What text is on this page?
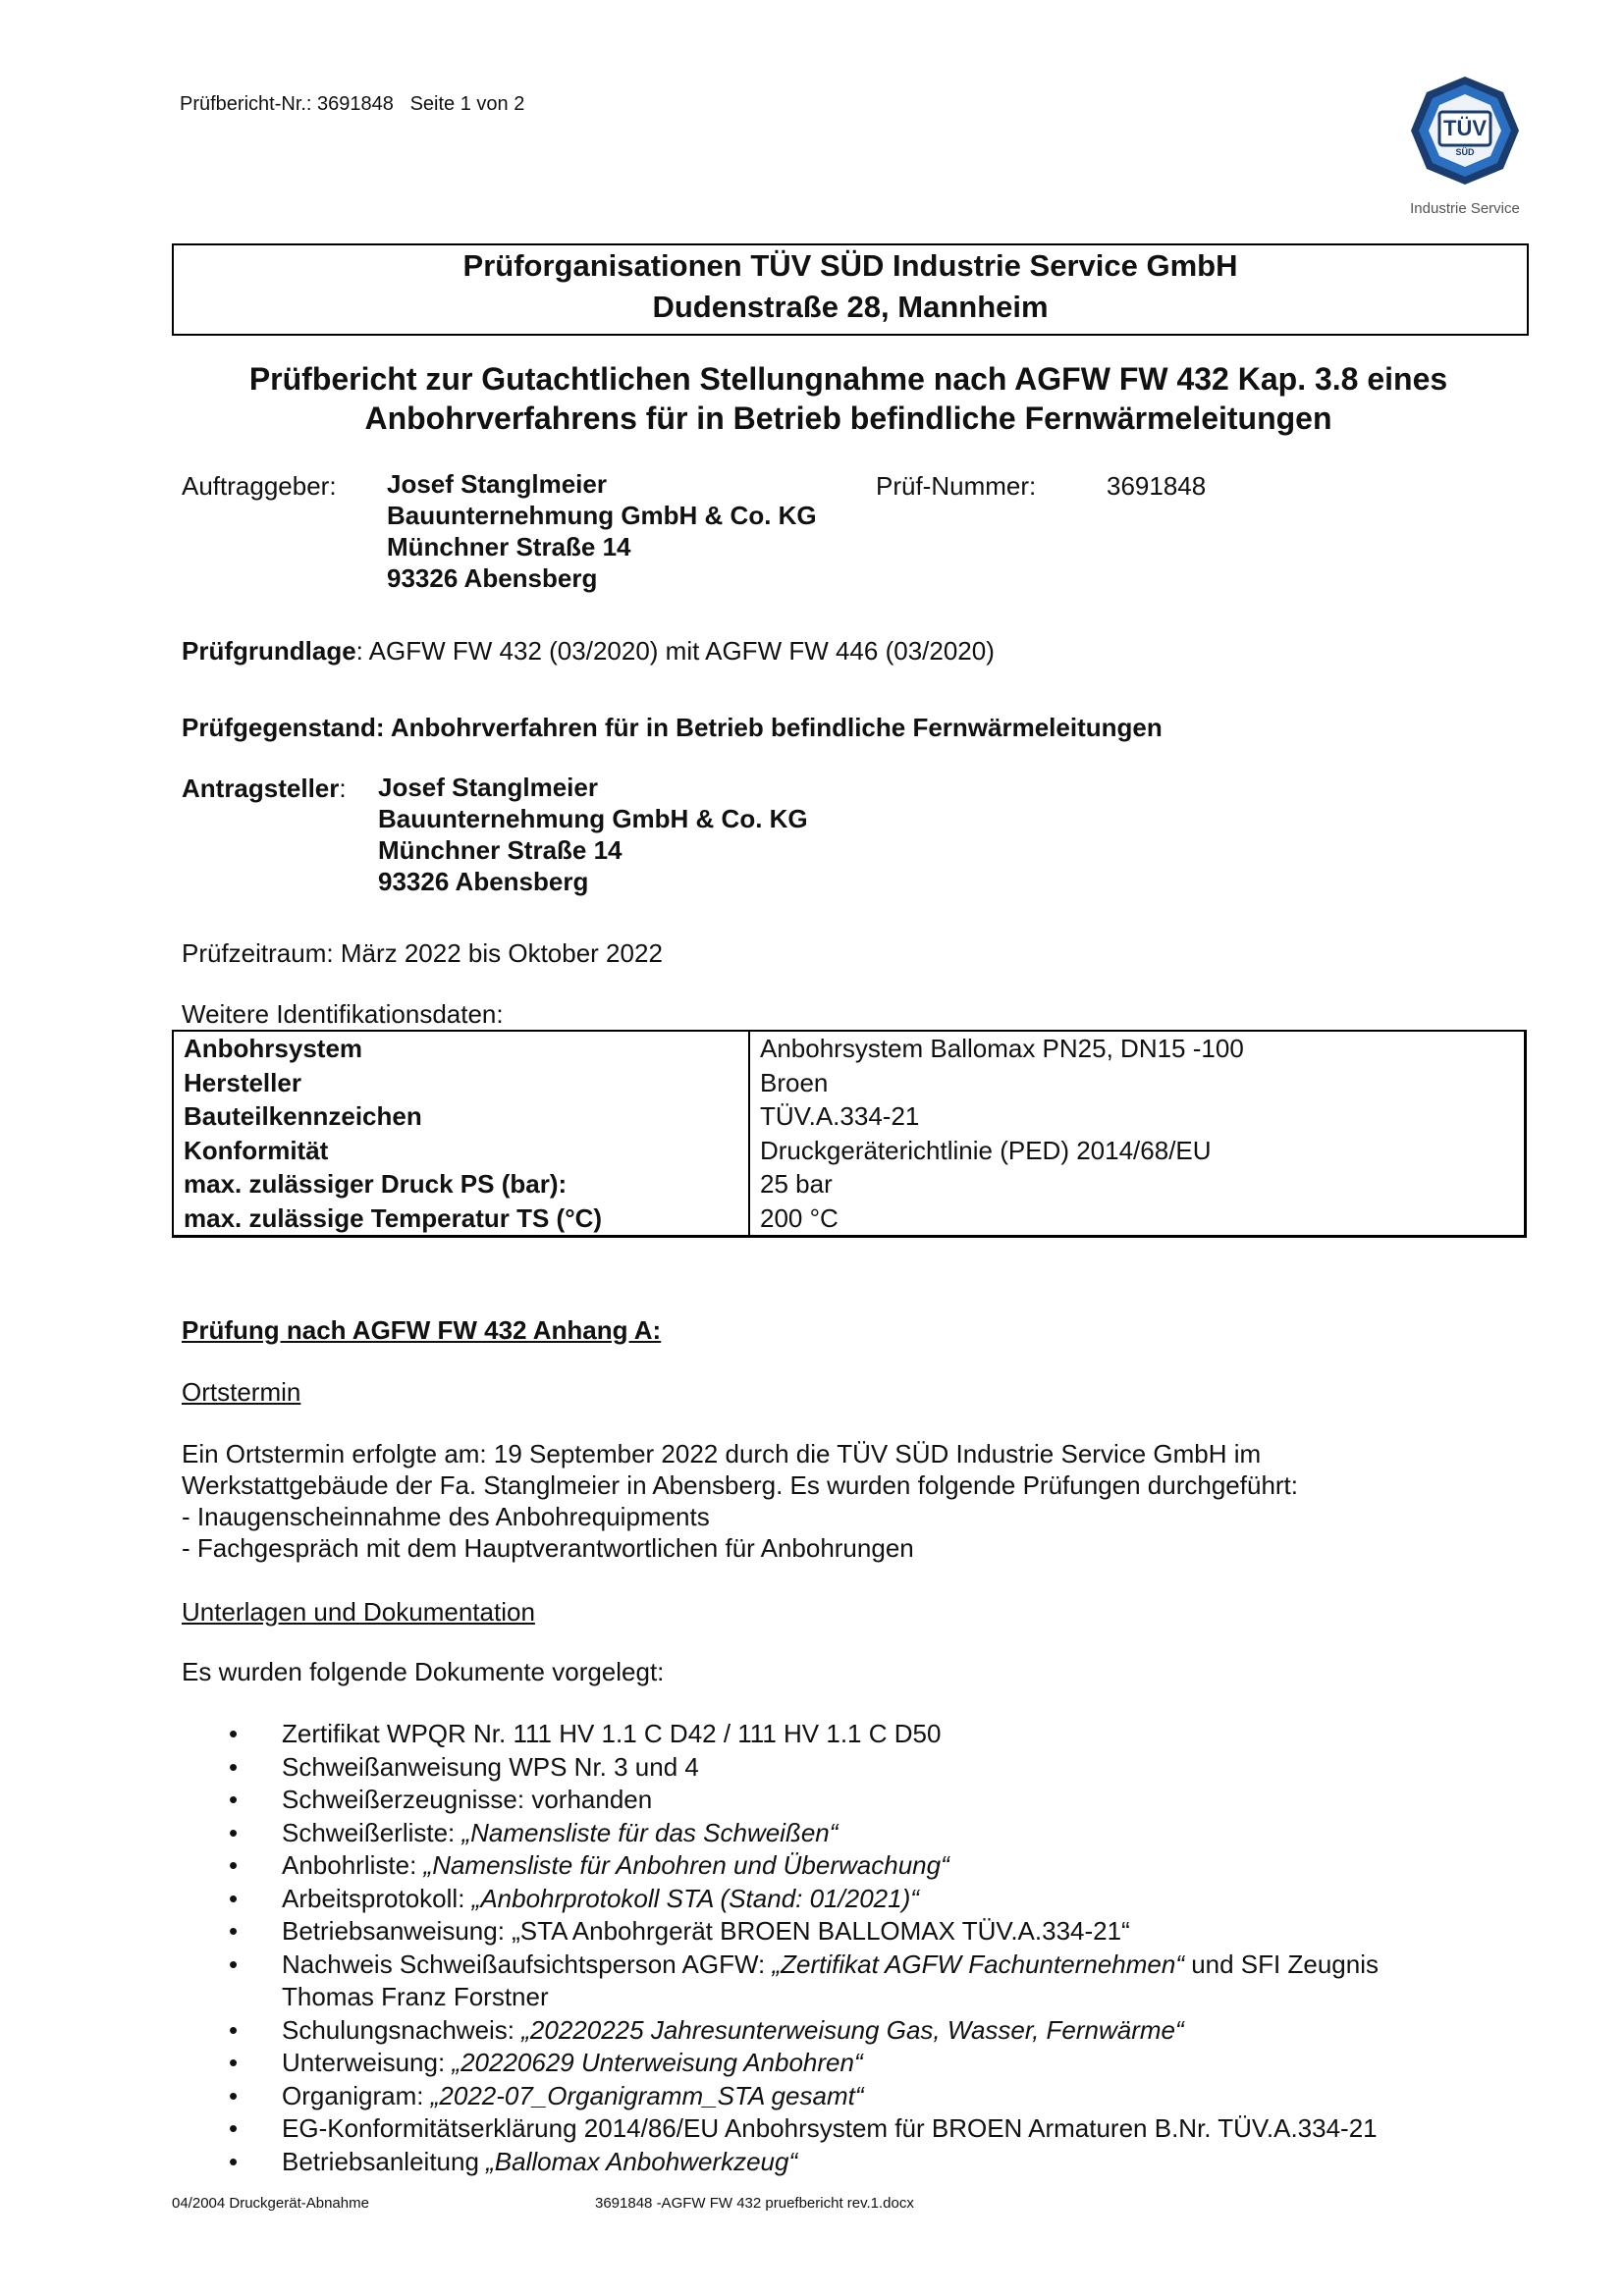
Prüfbericht-Nr.: 3691848   Seite 1 von 2
TÜV
SÜD
Industrie Service
Prüforganisationen TÜV SÜD Industrie Service GmbH
Dudenstraße 28, Mannheim
Prüfbericht zur Gutachtlichen Stellungnahme nach AGFW FW 432 Kap. 3.8 eines
Anbohrverfahrens für in Betrieb befindliche Fernwärmeleitungen
Auftraggeber: Josef Stanglmeier
Bauunternehmung GmbH & Co. KG
Münchner Straße 14
93326 Abensberg
Prüf-Nummer:	3691848
Prüfgrundlage: AGFW FW 432 (03/2020) mit AGFW FW 446 (03/2020)
Prüfgegenstand: Anbohrverfahren für in Betrieb befindliche Fernwärmeleitungen
Antragsteller: Josef Stanglmeier
Bauunternehmung GmbH & Co. KG
Münchner Straße 14
93326 Abensberg
Prüfzeitraum: März 2022 bis Oktober 2022
Weitere Identifikationsdaten:
Anbohrsystem	Anbohrsystem Ballomax PN25, DN15 -100
Hersteller	Broen
Bauteilkennzeichen	TÜV.A.334-21
Konformität	Druckgeräterichtlinie (PED) 2014/68/EU
max. zulässiger Druck PS (bar):	25 bar
max. zulässige Temperatur TS (°C)	200 °C
Prüfung nach AGFW FW 432 Anhang A:
Ortstermin
Ein Ortstermin erfolgte am: 19 September 2022 durch die TÜV SÜD Industrie Service GmbH im
Werkstattgebäude der Fa. Stanglmeier in Abensberg. Es wurden folgende Prüfungen durchgeführt:
- Inaugenscheinnahme des Anbohrequipments
- Fachgespräch mit dem Hauptverantwortlichen für Anbohrungen
Unterlagen und Dokumentation
Es wurden folgende Dokumente vorgelegt:
• Zertifikat WPQR Nr. 111 HV 1.1 C D42 / 111 HV 1.1 C D50
• Schweißanweisung WPS Nr. 3 und 4
• Schweißerzeugnisse: vorhanden
• Schweißerliste: „Namensliste für das Schweißen“
• Anbohrliste: „Namensliste für Anbohren und Überwachung“
• Arbeitsprotokoll: „Anbohrprotokoll STA (Stand: 01/2021)“
• Betriebsanweisung: „STA Anbohrgerät BROEN BALLOMAX TÜV.A.334-21“
• Nachweis Schweißaufsichtsperson AGFW: „Zertifikat AGFW Fachunternehmen“ und SFI Zeugnis
Thomas Franz Forstner
• Schulungsnachweis: „20220225 Jahresunterweisung Gas, Wasser, Fernwärme“
• Unterweisung: „20220629 Unterweisung Anbohren“
• Organigram: „2022-07_Organigramm_STA gesamt“
• EG-Konformitätserklärung 2014/86/EU Anbohrsystem für BROEN Armaturen B.Nr. TÜV.A.334-21
• Betriebsanleitung „Ballomax Anbohwerkzeug“
04/2004 Druckgerät-Abnahme	3691848 -AGFW FW 432 pruefbericht rev.1.docx
